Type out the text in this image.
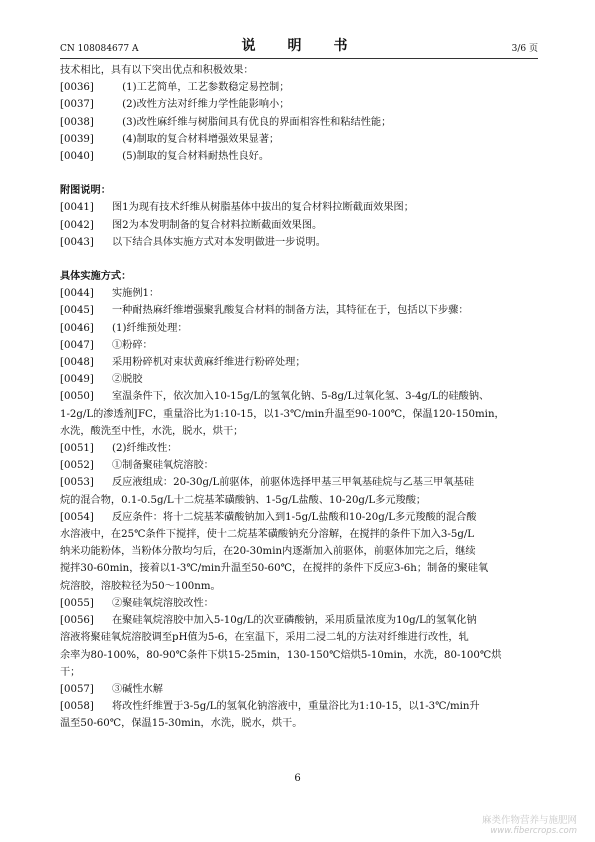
CN 108084677 A	说　明　书	3/6 页
技术相比，具有以下突出优点和积极效果：
[0036]	　(1)工艺简单，工艺参数稳定易控制；
[0037]	　(2)改性方法对纤维力学性能影响小；
[0038]	　(3)改性麻纤维与树脂间具有优良的界面相容性和粘结性能；
[0039]	　(4)制取的复合材料增强效果显著；
[0040]	　(5)制取的复合材料耐热性良好。
附图说明：
[0041]	图1为现有技术纤维从树脂基体中拔出的复合材料拉断截面效果图；
[0042]	图2为本发明制备的复合材料拉断截面效果图。
[0043]	以下结合具体实施方式对本发明做进一步说明。
具体实施方式：
[0044]	实施例1：
[0045]	一种耐热麻纤维增强聚乳酸复合材料的制备方法，其特征在于，包括以下步骤：
[0046]	(1)纤维预处理：
[0047]	①粉碎：
[0048]	采用粉碎机对束状黄麻纤维进行粉碎处理；
[0049]	②脱胶
[0050]	室温条件下，依次加入10-15g/L的氢氧化钠、5-8g/L过氧化氢、3-4g/L的硅酸钠、
1-2g/L的渗透剂JFC，重量浴比为1:10-15，以1-3℃/min升温至90-100℃，保温120-150min，
水洗，酸洗至中性，水洗，脱水，烘干；
[0051]	(2)纤维改性：
[0052]	①制备聚硅氧烷溶胶：
[0053]	反应液组成：20-30g/L前驱体，前驱体选择甲基三甲氧基硅烷与乙基三甲氧基硅
烷的混合物，0.1-0.5g/L十二烷基苯磺酸钠、1-5g/L盐酸、10-20g/L多元羧酸；
[0054]	反应条件：将十二烷基苯磺酸钠加入到1-5g/L盐酸和10-20g/L多元羧酸的混合酸
水溶液中，在25℃条件下搅拌，使十二烷基苯磺酸钠充分溶解，在搅拌的条件下加入3-5g/L
纳米功能粉体，当粉体分散均匀后，在20-30min内逐渐加入前驱体，前驱体加完之后，继续
搅拌30-60min，接着以1-3℃/min升温至50-60℃，在搅拌的条件下反应3-6h；制备的聚硅氧
烷溶胶，溶胶粒径为50～100nm。
[0055]	②聚硅氧烷溶胶改性：
[0056]	在聚硅氧烷溶胶中加入5-10g/L的次亚磷酸钠，采用质量浓度为10g/L的氢氧化钠
溶液将聚硅氧烷溶胶调至pH值为5-6，在室温下，采用二浸二轧的方法对纤维进行改性，轧
余率为80-100%，80-90℃条件下烘15-25min，130-150℃焙烘5-10min，水洗，80-100℃烘
干；
[0057]	③碱性水解
[0058]	将改性纤维置于3-5g/L的氢氧化钠溶液中，重量浴比为1:10-15，以1-3℃/min升
温至50-60℃，保温15-30min，水洗，脱水，烘干。
6
麻类作物营养与施肥网
www.fibercrops.com
